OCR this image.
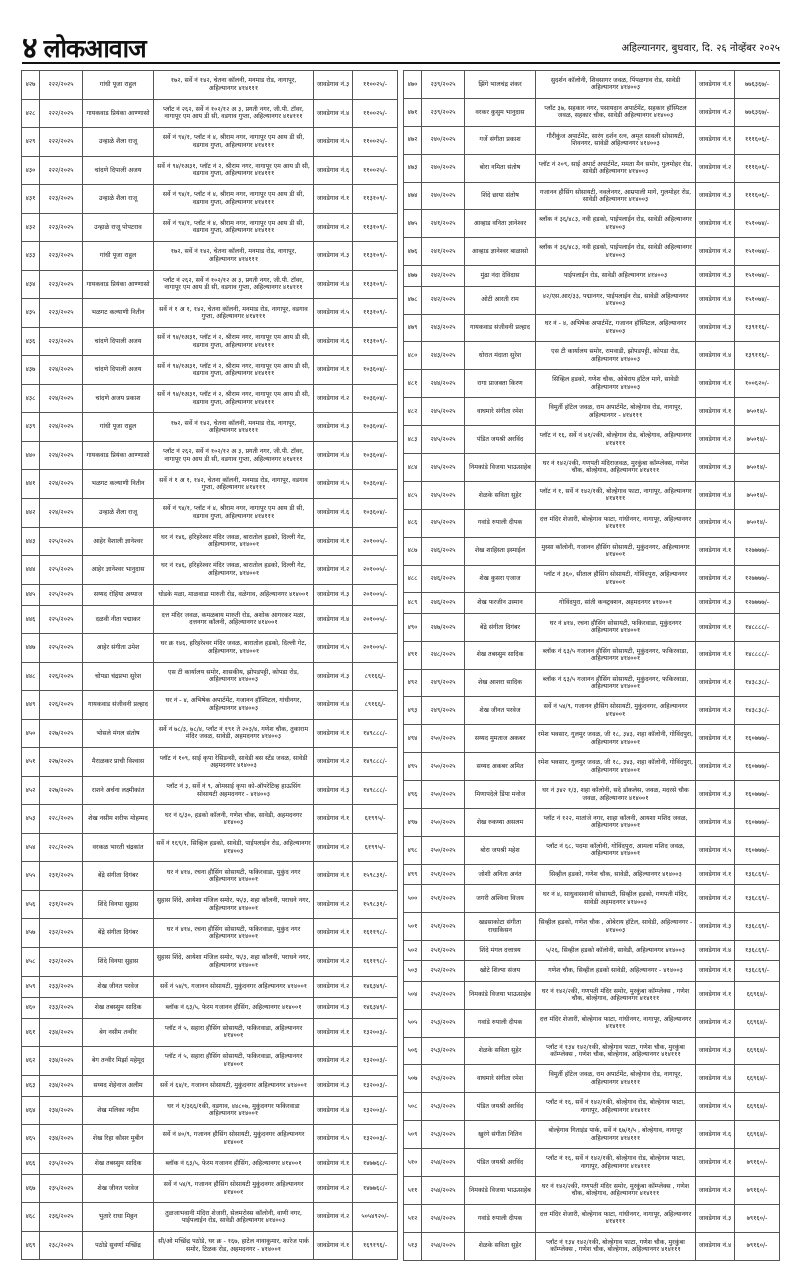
४ लोकआवाज	अहिल्यानगर, बुधवार, दि. २६ नोव्हेंबर २०२५
४२७	२२२/२०२५	गांधी पूजा राहुल	१७२, सर्वे नं १४२, चेतना कॉलनी, मनमाड रोड, नागापूर, अहिल्यानगर ४१४१११	जावडेगाव नं.३	११००२५/-
४२८	२२२/२०२५	गायकवाड प्रियंका आण्णासो	प्लॉट नं २६२, सर्वे नं १०२/१२ अ ३, प्रगती नगर, जी.पी. टॉवर, नागापूर एम आय डी सी, वडगाव गुप्ता, अहिल्यानगर ४१४१११	जावडेगाव नं.४	११००२५/-
४२९	२२२/२०२५	उन्हाळे शैला राजू	सर्वे नं ९४/१, प्लॉट नं ४, श्रीराम नगर, नागापूर एम आय डी सी, वडगाव गुप्ता, अहिल्यानगर ४१४१११	जावडेगाव नं.५	११००२५/-
४३०	२२२/२०२५	चांदणे दिपाली अजय	सर्वे नं ९४/१अ३१, प्लॉट नं २, श्रीराम नगर, नागापूर एम आय डी सी, वडगाव गुप्ता, अहिल्यानगर ४१४१११	जावडेगाव नं.६	११००२५/-
४३१	२२३/२०२५	उन्हाळे शैला राजू	सर्वे नं ९४/१, प्लॉट नं ४, श्रीराम नगर, नागापूर एम आय डी सी, वडगाव गुप्ता, अहिल्यानगर ४१४१११	जावडेगाव नं.१	११३१०९/-
४३२	२२३/२०२५	उन्हाळे राजू पोपटराव	सर्वे नं ९४/१, प्लॉट नं ४, श्रीराम नगर, नागापूर एम आय डी सी, वडगाव गुप्ता, अहिल्यानगर ४१४१११	जावडेगाव नं.२	११३१०९/-
४३३	२२३/२०२५	गांधी पूजा राहुल	१७२, सर्वे नं १४२, चेतना कॉलनी, मनमाड रोड, नागापूर, अहिल्यानगर ४१४१११	जावडेगाव नं.३	११३१०९/-
४३४	२२३/२०२५	गायकवाड प्रियंका आण्णासो	प्लॉट नं २६२, सर्वे नं १०२/१२ अ ३, प्रगती नगर, जी.पी. टॉवर, नागापूर एम आय डी सी, वडगाव गुप्ता, अहिल्यानगर ४१४१११	जावडेगाव नं.४	११३१०९/-
४३५	२२३/२०२५	भळगट कल्याणी नितीन	सर्वे नं १ अ १, १४२, चेतना कॉलनी, मनमाड रोड, नागापूर, वडगाव गुप्ता, अहिल्यानगर ४१४१११	जावडेगाव नं.५	११३१०९/-
४३६	२२३/२०२५	चांदणे दिपाली अजय	सर्वे नं ९४/१अ३१, प्लॉट नं २, श्रीराम नगर, नागापूर एम आय डी सी, वडगाव गुप्ता, अहिल्यानगर ४१४१११	जावडेगाव नं.६	११३१०९/-
४३७	२२४/२०२५	चांदणे दिपाली अजय	सर्वे नं ९४/१अ३१, प्लॉट नं २, श्रीराम नगर, नागापूर एम आय डी सी, वडगाव गुप्ता, अहिल्यानगर ४१४१११	जावडेगाव नं.१	१०३६०४/-
४३८	२२४/२०२५	चांदणे अजय प्रकाश	सर्वे नं ९४/१अ३१, प्लॉट नं २, श्रीराम नगर, नागापूर एम आय डी सी, वडगाव गुप्ता, अहिल्यानगर ४१४१११	जावडेगाव नं.२	१०३६०४/-
४३९	२२४/२०२५	गांधी पूजा राहुल	१७२, सर्वे नं १४२, चेतना कॉलनी, मनमाड रोड, नागापूर, अहिल्यानगर ४१४१११	जावडेगाव नं.३	१०३६०४/-
४४०	२२४/२०२५	गायकवाड प्रियंका आण्णासो	प्लॉट नं २६२, सर्वे नं १०२/१२ अ ३, प्रगती नगर, जी.पी. टॉवर, नागापूर एम आय डी सी, वडगाव गुप्ता, अहिल्यानगर ४१४१११	जावडेगाव नं.४	१०३६०४/-
४४१	२२४/२०२५	भळगट कल्याणी नितीन	सर्वे नं १ अ १, १४२, चेतना कॉलनी, मनमाड रोड, नागापूर, वडगाव गुप्ता, अहिल्यानगर ४१४१११	जावडेगाव नं.५	१०३६०४/-
४४२	२२४/२०२५	उन्हाळे शैला राजू	सर्वे नं ९४/१, प्लॉट नं ४, श्रीराम नगर, नागापूर एम आय डी सी, वडगाव गुप्ता, अहिल्यानगर ४१४१११	जावडेगाव नं.६	१०३६०४/-
४४३	२२५/२०२५	आहेर वैशाली ज्ञानेश्वर	घर नं १४६, हरिहरेश्वर मंदिर जवळ, बारातोल हडको, दिल्ली गेट, अहिल्यानगर, ४१४००१	जावडेगाव नं.१	२०१००५/-
४४४	२२५/२०२५	आहेर ज्ञानेश्वर भानुदास	घर नं १४६, हरिहरेश्वर मंदिर जवळ, बारातोल हडको, दिल्ली गेट, अहिल्यानगर, ४१४००१	जावडेगाव नं.२	२०१००५/-
४४५	२२५/२०२५	सय्यद रोहिया अय्याज	घोडके मळा, माळवाडा मारुती रोड, वळेगाव, अहिल्यानगर ४१४००१	जावडेगाव नं.३	२०१००५/-
४४६	२२५/२०२५	दळवी नीता पद्माकर	दत्त मंदिर जवळ, कमळबाय मारुती रोड, अशोक आगरकर मळा, दत्तनगर कॉलनी, अहिल्यानगर ४१४००१	जावडेगाव नं.४	२०१००५/-
४४७	२२५/२०२५	आहेर संगीता उमेश	घर क्र १४६, हरिहरेश्वर मंदिर जवळ, बारातोल हडको, दिल्ली गेट, अहिल्यानगर, ४१४००१	जावडेगाव नं.५	२०१००५/-
४४८	२२६/२०२५	चोपडा चंद्रप्रभा सुरेश	एस टी कार्यालय समोर, शासकीय, झोपडपट्टी, कोपडा रोड, अहिल्यानगर ४१४००३	जावडेगाव नं.३	८९१६६/-
४४९	२२६/२०२५	गायकवाड संजीवनी प्रल्हाद	घर नं - ४, अभिषेक अपार्टमेंट, गजानन हॉस्पिटल, गांधीनगर, अहिल्यानगर ४१४००३	जावडेगाव नं.४	८९१६६/-
४५०	२२७/२०२५	भोसले मंगल संतोष	सर्वे नं ७८/३, ७८/४, प्लॉट नं १९१ ते २०३/४, गणेश चौक, तुकाराम मंदिर जवळ, सावेडी, अहमदनगर ४१४००३	जावडेगाव नं.१	१४९८८८/-
४५१	२२७/२०२५	मैराळकर प्राची विश्वास	प्लॉट नं १०९, साई कृपा रेसिडन्सी, सावेडी बस स्टँड जवळ, सावेडी अहमदनगर ४१४००३	जावडेगाव नं.२	१४९८८८/-
४५२	२२७/२०२५	राशने अर्चना लक्ष्मीकांत	प्लॉट नं ३, सर्वे नं ९, ओमसाई कृपा को-ऑपरेटिव्ह हाऊसिंग सोसायटी अहमदनगर - ४१४००३	जावडेगाव नं.३	१४९८८८/-
४५३	२२८/२०२५	शेख नसीम शरीफ मोहम्मद	घर नं ६/३०, हडको कॉलनी, गणेश चौक, सावेडी, अहमदनगर ४१४००३	जावडेगाव नं.१	६१९९५/-
४५४	२२८/२०२५	वरकळ भारती चंद्रकांत	सर्वे नं १६९/१, सिव्हिल हडको, सावेडी, पाईपलाईन रोड, अहिल्यानगर ४१४००३	जावडेगाव नं.२	६१९९५/-
४५५	२३१/२०२५	बेंद्रे संगीता दिगंबर	घर नं ४१४, रचना हौसिंग सोसायटी, फकिरवाडा, मुकुंद नगर अहिल्यानगर ४१४००१	जावडेगाव नं.१	१५९८३१/-
४५६	२३१/२०२५	शिंदे विनया सुहास	सुहास शिंदे, आयेशा मंजिल समोर, फ/३, शहा कॉलनी, पराधने नगर, अहिल्यानगर ४१४००१	जावडेगाव नं.२	१५९८३१/-
४५७	२३२/२०२५	बेंद्रे संगीता दिगंबर	घर नं ४१४, रचना हौसिंग सोसायटी, फकिरवाडा, मुकुंद नगर अहिल्यानगर ४१४००१	जावडेगाव नं.१	१६११९८/-
४५८	२३२/२०२५	शिंदे विनया सुहास	सुहास शिंदे, आयेशा मंजिल समोर, फ/३, शहा कॉलनी, पराधने नगर, अहिल्यानगर ४१४००१	जावडेगाव नं.२	१६११९८/-
४५९	२३३/२०२५	शेख जीनत परवेज	सर्वे नं ५४/९, गजानन सोसायटी, मुकुंदनगर अहिल्यानगर ४१४००१	जावडेगाव नं.२	१४६३४९/-
४६०	२३३/२०२५	शेख तबस्सुम सादिक	ब्लॉक नं ६३/५, फेरम गजानन हौसिंग, अहिल्यानगर ४१४००१	जावडेगाव नं.३	१४६३४९/-
४६१	२३४/२०२५	बेग नसीम तन्वीर	प्लॉट नं ५, सहारा हौसिंग सोसायटी, फकिरवाडा, अहिल्यानगर ४१४००१	जावडेगाव नं.१	१३२००३/-
४६२	२३४/२०२५	बेग तन्वीर मिर्झा महेमूद	प्लॉट नं ५, सहारा हौसिंग सोसायटी, फकिरवाडा, अहिल्यानगर ४१४००१	जावडेगाव नं.२	१३२००३/-
४६३	२३४/२०२५	सय्यद शेहेनाज अलीम	सर्वे नं ६४/१, गजानन सोसायटी, मुकुंदनगर अहिल्यानगर ४१४००१	जावडेगाव नं.३	१३२००३/-
४६४	२३४/२०२५	शेख मलिका नदीम	घर नं १/३६६/१की, वडगाव, ४४८०७, मुकुंदनगर फकिरवाडा अहिल्यानगर ४१४००१	जावडेगाव नं.४	१३२००३/-
४६५	२३४/२०२५	शेख रिहा कौसर मुबीन	सर्वे नं ४०/९, गजानन हौसिंग सोसायटी, मुकुंदनगर अहिल्यानगर ४१४००१	जावडेगाव नं.५	१३२००३/-
४६६	२३५/२०२५	शेख तबस्सुम सादिक	ब्लॉक नं ६३/५, फेरम गजानन हौसिंग, अहिल्यानगर ४१४००१	जावडेगाव नं.१	१४७७६८/-
४६७	२३५/२०२५	शेख जीनत परवेज	सर्वे नं ५४/९, गजानन हौसिंग सोसायटी मुकुंदनगर अहिल्यानगर ४१४००१	जावडेगाव नं.२	१४७७६८/-
४६८	२३६/२०२५	भुतारे राधा मिठ्ठन	तुळजाभवानी मंदिरा शेजारी, सेलमरोस्स कॉलोनी, वाणी नगर, पाईपलाईन रोड, सावेडी अहिल्यानगर ४१४००३	जावडेगाव नं.२	५०५४९२०/-
४६९	२३८/२०२५	पठोडे सुवर्णा मच्छिंद्र	सी/ओ मच्छिंद्र पठोडे, घर क्र - १६७, हाटेल नावाकुमार, कारेज पार्क समोर, टिळक रोड, अहमदनगर - ४१४००१	जावडेगाव नं.१	१६९१९६/-
४७०	२३९/२०२५	झिंगे भालचंद्र शंकर	सुदर्शन कॉलोनी, शिवसागर जवळ, पिंपळगाव रोड, सावेडी अहिल्यानगर ४१४००३	जावडेगाव नं.१	७७६३६७/-
४७१	२३९/२०२५	वरकर कुसुम भानुदास	प्लॉट ३७, सहकार नगर, पसायदान अपार्टमेंट, सहकार हॉस्पिटल जवळ, सहकार चौक, सावेडी अहिल्यानगर ४१४००३	जावडेगाव नं.२	७७६३६७/-
४७२	२४०/२०२५	गर्जे संगीता प्रकाश	गौरीकुंज अपार्टमेंट, सारंग दर्शन रत्न, अमृत सावली सोसायटी, शिवनगर, सावेडी अहिल्यानगर ४१४००३	जावडेगाव नं.१	१११६०६/-
४७३	२४०/२०२५	बोरा नमिता संतोष	प्लॉट नं २०९, साई अपार्ट अपार्टमेंट, ममता मैन समोर, गुलमोहर रोड, सावेडी अहिल्यानगर ४१४००३	जावडेगाव नं.२	१११६०६/-
४७४	२४०/२०२५	शिंदे छाया संतोष	गजानन हौसिंग सोसायटी, नवलेनगर, आम्रपाली मागे, गुलमोहर रोड, सावेडी अहिल्यानगर ४१४००३	जावडेगाव नं.३	१११६०६/-
४७५	२४१/२०२५	आव्हाड वनिता ज्ञानेश्वर	ब्लॉक नं ३६/४८३, नवी हडको, पाईपलाईन रोड, सावेडी अहिल्यानगर ४१४००३	जावडेगाव नं.१	१५१०७४/-
४७६	२४१/२०२५	आव्हाड ज्ञानेश्वर बाळासो	ब्लॉक नं ३६/४८३, नवी हडको, पाईपलाईन रोड, सावेडी अहिल्यानगर ४१४००३	जावडेगाव नं.२	१५१०७४/-
४७७	२४२/२०२५	मुंढा नंदा देविदास	पाईपलाईन रोड, सावेडी अहिल्यानगर ४१४००३	जावडेगाव नं.३	१५१०७४/-
४७८	२४२/२०२५	ओटी आरती राम	४२/एस.आर/३३, पद्मानगर, पाईपलाईन रोड, सावेडी अहिल्यानगर ४१४००३	जावडेगाव नं.४	१५१०७४/-
४७९	२४३/२०२५	गायकवाड संजीवनी प्रल्हाद	घर नं - ४, अभिषेक अपार्टमेंट, गजानन हॉस्पिटल, अहिल्यानगर ४१४००३	जावडेगाव नं.३	१३९११६/-
४८०	२४३/२०२५	धोरात मंदाता सुरेश	एस टी कार्यालय समोर, रामवाडी, झोपडपट्टी, कोपडा रोड, अहिल्यानगर ४१४००३	जावडेगाव नं.४	१३९११६/-
४८१	२४४/२०२५	रागा प्राजक्ता किरण	सिव्हिल हडको, गणेश चौक, ओबेराय हॉटेल मागे, सावेडी अहिल्यानगर ४१४००३	जावडेगाव नं.१	१००६२०/-
४८२	२४५/२०२५	वाघमारे संगीता रमेश	विमुर्ती हॉटेल जवळ, राम अपार्टमेंट, बोल्हेगाव रोड, नागापूर, अहिल्यानगर - ४१४१११	जावडेगाव नं.१	७५०१४/-
४८३	२४५/२०२५	पंडित जयश्री अरविंद	प्लॉट नं १६, सर्वे नं ४१/२की, बोल्हेगाव रोड, बोल्हेगाव, अहिल्यानगर ४१४१११	जावडेगाव नं.२	७५०१४/-
४८४	२४५/२०२५	निमकांडे विजया भाऊसाहेब	घर नं १४२/२की, गणपती मंदिराजवळ, मुरकुंबा कॉम्प्लेक्स, गणेश चौक, बोल्हेगाव, अहिल्यानगर ४१४१११	जावडेगाव नं.३	७५०१४/-
४८५	२४५/२०२५	शेळके सविता सुहेर	प्लॉट नं १, सर्वे नं १४२/१की, बोल्हेगाव फाटा, नागापूर, अहिल्यानगर ४१४१११	जावडेगाव नं.४	७५०१४/-
४८६	२४५/२०२५	गवांडे रुपाली दीपक	दत्त मंदिर शेजारी, बोल्हेगाव फाटा, गांधीनगर, नागापूर, अहिल्यानगर ४१४१११	जावडेगाव नं.५	७५०१४/-
४८७	२४६/२०२५	शेख शाहिस्ता इस्माईल	मुस्सा कॉलोनी, गजानन हौसिंग सोसायटी, मुकुंदनगर, अहिल्यानगर ४१४००१	जावडेगाव नं.१	१२७७७७/-
४८८	२४६/२०२५	शेख कुसरा एजाज	प्लॉट नं ३६०, सीताल हौसिंग सोसायटी, गोविंदपुरा, अहिल्यानगर ४१४००१	जावडेगाव नं.२	१२७७७७/-
४८९	२४६/२०२५	शेख फरजीन उस्मान	गोविंदपुरा, सांती कन्स्ट्रक्शन, अहमदनगर ४१४००१	जावडेगाव नं.३	१२७७७७/-
४९०	२४७/२०२५	बेंद्रे संगीता दिगंबर	घर नं ४१४, रचना हौसिंग सोसायटी, फकिरवाडा, मुकुंदनगर अहिल्यानगर ४१४००१	जावडेगाव नं.१	१४८८८८/-
४९१	२४८/२०२५	शेख तबस्सुम सादिक	ब्लॉक नं ६३/५ गजानन हौसिंग सोसायटी, मुकुंदनगर, फकिरवाडा, अहिल्यानगर ४१४००१	जावडेगाव नं.१	१४८८८८/-
४९२	२४९/२०२५	शेख आशरा सादिक	ब्लॉक नं ६३/५ गजानन हौसिंग सोसायटी, मुकुंदनगर, फकिरवाडा, अहिल्यानगर ४१४००१	जावडेगाव नं.१	१४३८३८/-
४९३	२४९/२०२५	शेख जीनत परवेज	सर्वे नं ५४/९, गजानन हौसिंग सोसायटी, मुकुंदनगर, अहिल्यानगर ४१४००१	जावडेगाव नं.२	१४३८३८/-
४९४	२५०/२०२५	सय्यद मुमताज अकबर	रमेश भवसार, गुलमुर जवळ, जी १८, ३४३, शहा कॉलोनी, गोविंदपुरा, अहिल्यानगर ४१४००१	जावडेगाव नं.१	१६०७७७/-
४९५	२५०/२०२५	सय्यद अकबर अमित	रमेश भवसार, गुलमुर जवळ, जी १८, ३४३, शहा कॉलोनी, गोविंदपुरा, अहिल्यानगर ४१४००१	जावडेगाव नं.२	१६०७७७/-
४९६	२५०/२०२५	मिणापदेले डिंपा मनोज	घर नं ३४२ १/३, शहा कॉलोनी, सदे डॉकलेस, जवळ, मदरसे चौक जवळ, अहिल्यानगर ४१४००१	जावडेगाव नं.३	१६०७७७/-
४९७	२५०/२०२५	शेख रुकय्या असलम	प्लॉट नं १२२, मातांजे नगर, शाहा कॉलनी, आयशा मशिद जवळ, अहिल्यानगर ४१४००१	जावडेगाव नं.४	१६०७७७/-
४९८	२५०/२०२५	बोरा जयश्री महेश	प्लॉट नं ६८, पदमा कॉलोनी, गोविंदपुरा, आमला मशिद जवळ, अहिल्यानगर ४१४००१	जावडेगाव नं.५	१६०७७७/-
४९९	२५१/२०२५	जोशी अनिता अनंत	सिव्हील हडको, गणेश चौक, सावेडी, अहिल्यानगर ४१४००३	जावडेगाव नं.१	१३६८६९/-
५००	२५१/२०२५	जगरी अश्विना विजय	घर नं ४, साधुवासवानी सोसायटी, सिव्हील हडको, गणपती मंदिर, सावेडी अहमदनगर ४१४००३	जावडेगाव नं.२	१३६८६९/-
५०१	२५१/२०२५	खडसाकोटा संगीता राधाकिसन	सिव्हील हडको, गणेश चौक , ओबेराय हॉटेल, सावेडी, अहिल्यानगर - ४१४००३	जावडेगाव नं.३	१३६८६९/-
५०२	२५१/२०२५	शिंदे मंगल दत्तात्रय	५/२६, सिव्हील हडको कॉलोनी, सावेडी, अहिल्यानगर ४१४००३	जावडेगाव नं.४	१३६८६९/-
५०३	२५२/२०२५	खोटे शिल्पा संजय	गणेश चौक, सिव्हील हडको सावेडी, अहिल्यानगर - ४१४००३	जावडेगाव नं.१	१३६८६९/-
५०४	२५२/२०२५	निमकांडे विजया भाऊसाहेब	घर नं १४२/२की, गणपती मंदिर समोर, मुरकुंबा कॉम्प्लेक्स , गणेश चौक, बोल्हेगाव, अहिल्यानगर ४१४१११	जावडेगाव नं.१	६६९६४/-
५०५	२५३/२०२५	गवांडे रुपाली दीपक	दत्त मंदिर शेजारी, बोल्हेगाव फाटा, गांधीनगर, नागापूर, अहिल्यानगर ४१४१११	जावडेगाव नं.२	६६९६४/-
५०६	२५३/२०२५	शेळके सविता सुहेर	प्लॉट नं १३४ १४२/१की, बोल्हेगाव फाटा, गणेश चौक, मुरकुंबा कॉम्प्लेक्स , गणेश चौक, बोल्हेगाव, अहिल्यानगर ४१४१११	जावडेगाव नं.३	६६९६४/-
५०७	२५३/२०२५	वाघमारे संगीता रमेश	विमुर्ती हॉटेल जवळ, राम अपार्टमेंट, बोल्हेगाव रोड, नागापूर, अहिल्यानगर ४१४१११	जावडेगाव नं.४	६६९६४/-
५०८	२५३/२०२५	पंडित जयश्री अरविंद	प्लॉट नं १६, सर्वे नं १४२/१की, बोल्हेगाव रोड, बोल्हेगाव फाटा, नागापूर, अहिल्यानगर ४१४१११	जावडेगाव नं.५	६६९६४/-
५०९	२५३/२०२५	खुरंगे संगीता नितिन	बोल्हेगाव गिताइंड पार्क, सर्वे नं ६७/१/५ , बोल्हेगाव, नागापूर अहिल्यानगर ४१४१११	जावडेगाव नं.६	६६९६४/-
५१०	२५४/२०२५	पंडित जयश्री अरविंद	प्लॉट नं १६, सर्वे नं १४२/१की, बोल्हेगाव रोड, बोल्हेगाव फाटा, नागापूर, अहिल्यानगर ४१४१११	जावडेगाव नं.१	७९१६०/-
५११	२५४/२०२५	निमकांडे विजया भाऊसाहेब	घर नं १४२/२की, गणपती मंदिर समोर, मुरकुंबा कॉम्प्लेक्स , गणेश चौक, बोल्हेगाव, अहिल्यानगर ४१४१११	जावडेगाव नं.२	७९१६०/-
५१२	२५४/२०२५	गवांडे रुपाली दीपक	दत्त मंदिर शेजारी, बोल्हेगाव फाटा, गांधीनगर, नागापूर, अहिल्यानगर ४१४१११	जावडेगाव नं.३	७९१६०/-
५१३	२५४/२०२५	शेळके सविता सुहेर	प्लॉट नं १३४ १४२/१की, बोल्हेगाव फाटा, गणेश चौक, मुरकुंबा कॉम्प्लेक्स , गणेश चौक, बोल्हेगाव, अहिल्यानगर ४१४१११	जावडेगाव नं.४	७९१६०/-
